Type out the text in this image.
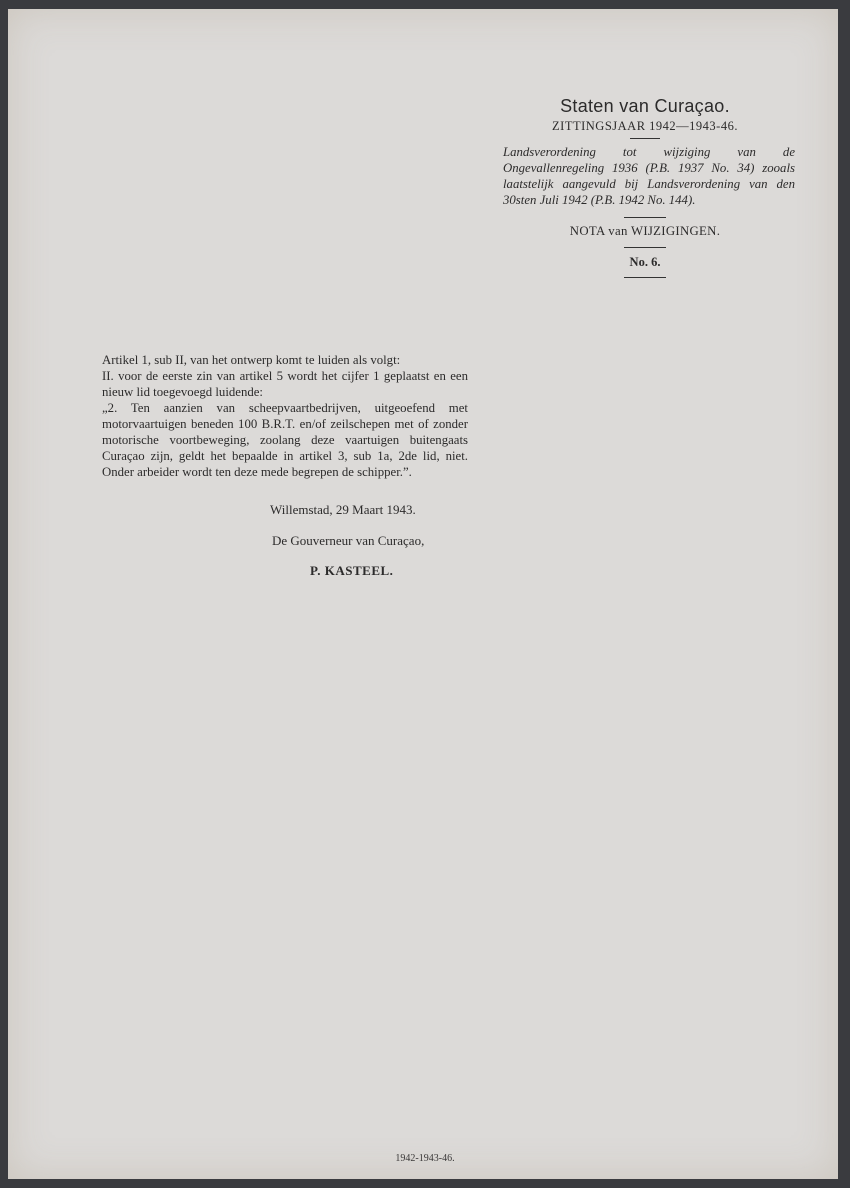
Staten van Curaçao.
ZITTINGSJAAR 1942—1943-46.

Landsverordening tot wijziging van de Ongevallenregeling 1936 (P.B. 1937 No. 34) zooals laatstelijk aangevuld bij Landsverordening van den 30sten Juli 1942 (P.B. 1942 No. 144).

NOTA van WIJZIGINGEN.
No. 6.

Artikel 1, sub II, van het ontwerp komt te luiden als volgt:

II. voor de eerste zin van artikel 5 wordt het cijfer 1 geplaatst en een nieuw lid toegevoegd luidende:

„2. Ten aanzien van scheepvaartbedrijven, uitgeoefend met motorvaartuigen beneden 100 B.R.T. en/of zeilschepen met of zonder motorische voortbeweging, zoolang deze vaartuigen buitengaats Curaçao zijn, geldt het bepaalde in artikel 3, sub 1a, 2de lid, niet. Onder arbeider wordt ten deze mede begrepen de schipper.”.

Willemstad, 29 Maart 1943.
De Gouverneur van Curaçao,
P. KASTEEL.
1942-1943-46.
